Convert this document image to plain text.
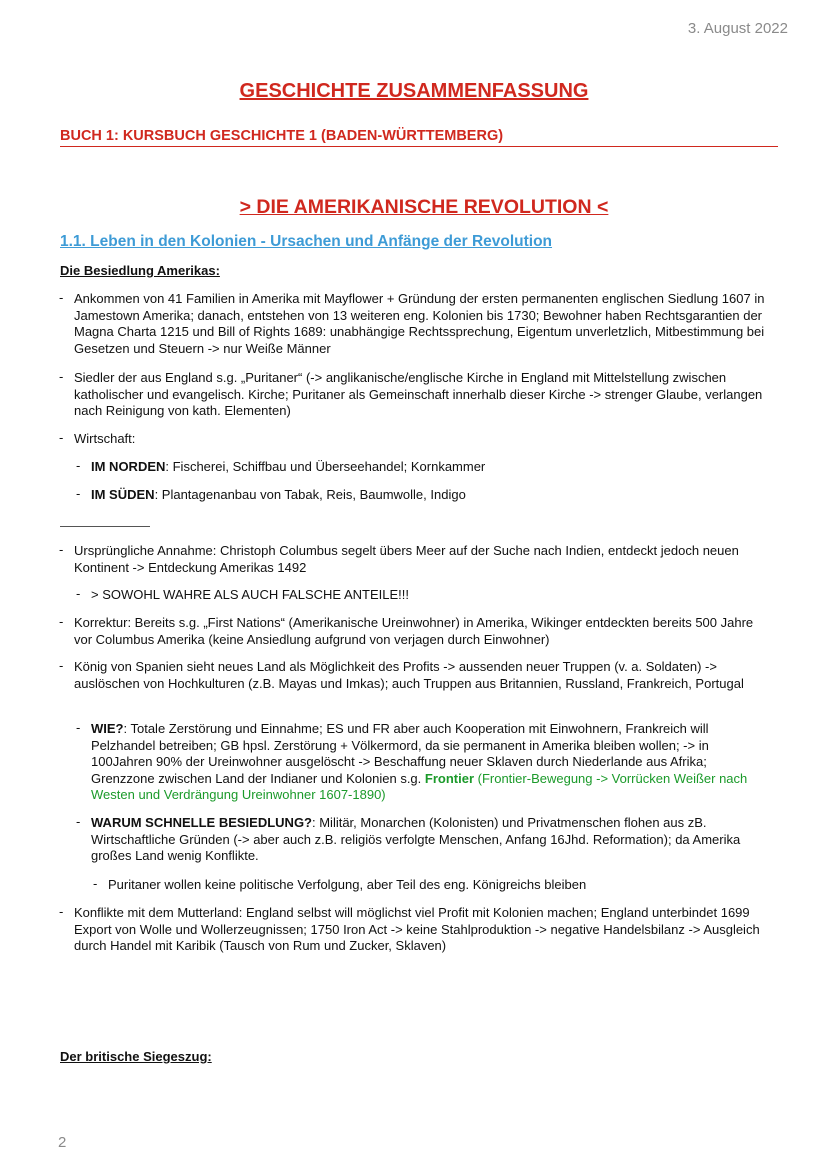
3. August 2022
GESCHICHTE ZUSAMMENFASSUNG
BUCH 1: KURSBUCH GESCHICHTE 1 (BADEN-WÜRTTEMBERG)
> DIE AMERIKANISCHE REVOLUTION <
1.1. Leben in den Kolonien - Ursachen und Anfänge der Revolution
Die Besiedlung Amerikas:
- Ankommen von 41 Familien in Amerika mit Mayflower + Gründung der ersten permanenten englischen Siedlung 1607 in Jamestown Amerika; danach, entstehen von 13 weiteren eng. Kolonien bis 1730; Bewohner haben Rechtsgarantien der Magna Charta 1215 und Bill of Rights 1689: unabhängige Rechtssprechung, Eigentum unverletzlich, Mitbestimmung bei Gesetzen und Steuern -> nur Weiße Männer
- Siedler der aus England s.g. „Puritaner“ (-> anglikanische/englische Kirche in England mit Mittelstellung zwischen katholischer und evangelisch. Kirche; Puritaner als Gemeinschaft innerhalb dieser Kirche -> strenger Glaube, verlangen nach Reinigung von kath. Elementen)
- Wirtschaft:
- IM NORDEN: Fischerei, Schiffbau und Überseehandel; Kornkammer
- IM SÜDEN: Plantagenanbau von Tabak, Reis, Baumwolle, Indigo
- Ursprüngliche Annahme: Christoph Columbus segelt übers Meer auf der Suche nach Indien, entdeckt jedoch neuen Kontinent -> Entdeckung Amerikas 1492
- > SOWOHL WAHRE ALS AUCH FALSCHE ANTEILE!!!
- Korrektur: Bereits s.g. „First Nations“ (Amerikanische Ureinwohner) in Amerika, Wikinger entdeckten bereits 500 Jahre vor Columbus Amerika (keine Ansiedlung aufgrund von verjagen durch Einwohner)
- König von Spanien sieht neues Land als Möglichkeit des Profits -> aussenden neuer Truppen (v. a. Soldaten) -> auslöschen von Hochkulturen (z.B. Mayas und Imkas); auch Truppen aus Britannien, Russland, Frankreich, Portugal
- WIE?: Totale Zerstörung und Einnahme; ES und FR aber auch Kooperation mit Einwohnern, Frankreich will Pelzhandel betreiben; GB hpsl. Zerstörung + Völkermord, da sie permanent in Amerika bleiben wollen; -> in 100Jahren 90% der Ureinwohner ausgelöscht -> Beschaffung neuer Sklaven durch Niederlande aus Afrika; Grenzzone zwischen Land der Indianer und Kolonien s.g. Frontier (Frontier-Bewegung -> Vorrücken Weißer nach Westen und Verdrängung Ureinwohner 1607-1890)
- WARUM SCHNELLE BESIEDLUNG?: Militär, Monarchen (Kolonisten) und Privatmenschen flohen aus zB. Wirtschaftliche Gründen (-> aber auch z.B. religiös verfolgte Menschen, Anfang 16Jhd. Reformation); da Amerika großes Land wenig Konflikte.
- Puritaner wollen keine politische Verfolgung, aber Teil des eng. Königreichs bleiben
- Konflikte mit dem Mutterland: England selbst will möglichst viel Profit mit Kolonien machen; England unterbindet 1699 Export von Wolle und Wollerzeugnissen; 1750 Iron Act -> keine Stahlproduktion -> negative Handelsbilanz -> Ausgleich durch Handel mit Karibik (Tausch von Rum und Zucker, Sklaven)
Der britische Siegeszug:
2
